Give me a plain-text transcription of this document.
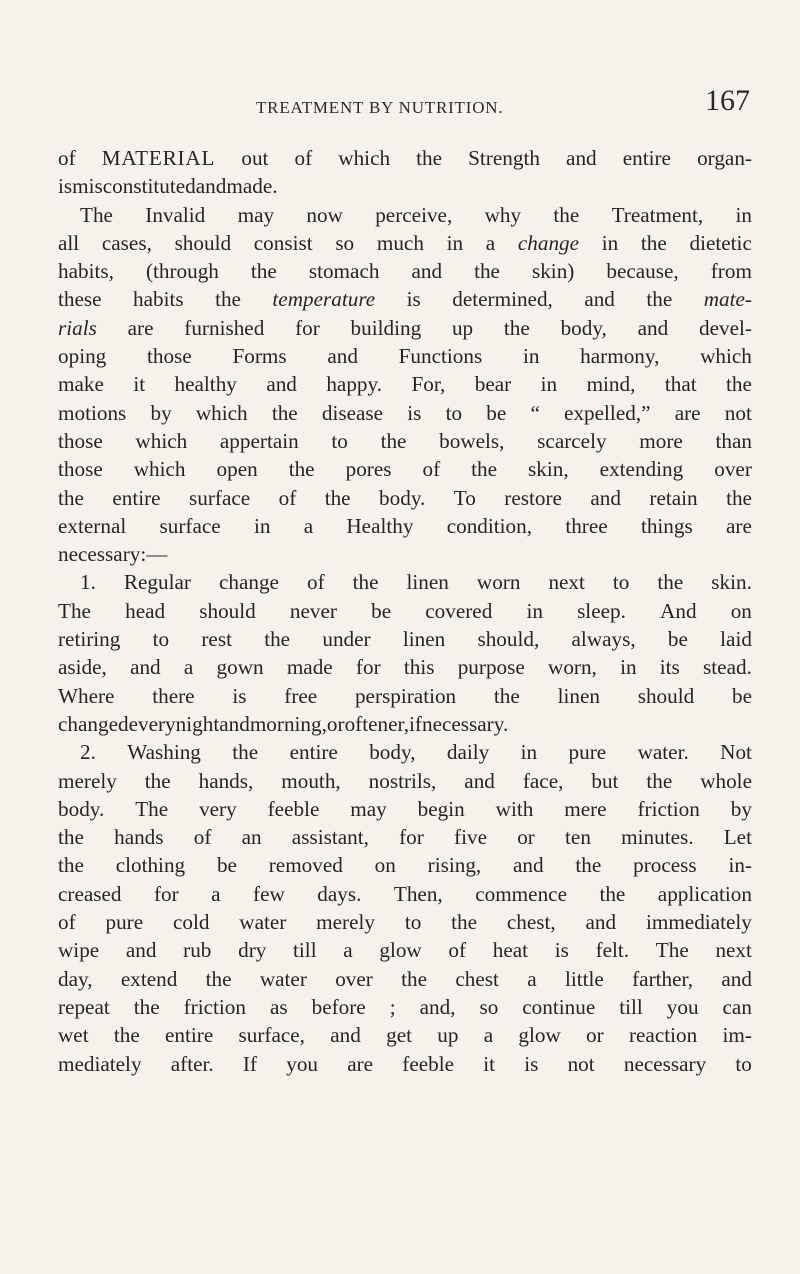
TREATMENT BY NUTRITION.	167
of MATERIAL out of which the Strength and entire organ-
ism is constituted and made.
The Invalid may now perceive, why the Treatment, in
all cases, should consist so much in a change in the dietetic
habits, (through the stomach and the skin) because, from
these habits the temperature is determined, and the mate-
rials are furnished for building up the body, and devel-
oping those Forms and Functions in harmony, which
make it healthy and happy. For, bear in mind, that the
motions by which the disease is to be “ expelled,” are not
those which appertain to the bowels, scarcely more than
those which open the pores of the skin, extending over
the entire surface of the body. To restore and retain the
external surface in a Healthy condition, three things are
necessary : —
1. Regular change of the linen worn next to the skin.
The head should never be covered in sleep. And on
retiring to rest the under linen should, always, be laid
aside, and a gown made for this purpose worn, in its stead.
Where there is free perspiration the linen should be
changed every night and morning, or oftener, if necessary.
2. Washing the entire body, daily in pure water. Not
merely the hands, mouth, nostrils, and face, but the whole
body. The very feeble may begin with mere friction by
the hands of an assistant, for five or ten minutes. Let
the clothing be removed on rising, and the process in-
creased for a few days. Then, commence the application
of pure cold water merely to the chest, and immediately
wipe and rub dry till a glow of heat is felt. The next
day, extend the water over the chest a little farther, and
repeat the friction as before ; and, so continue till you can
wet the entire surface, and get up a glow or reaction im-
mediately after. If you are feeble it is not necessary to
